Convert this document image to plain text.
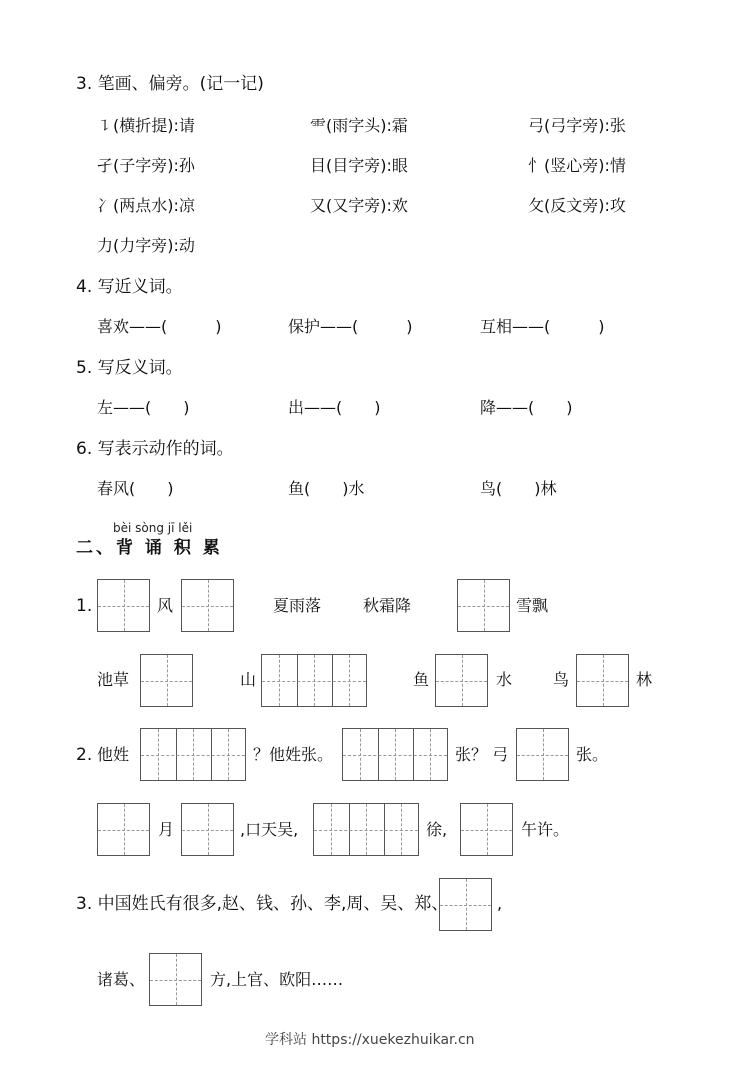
3. 笔画、偏旁。(记一记)
㇊(横折提):请	⻗(雨字头):霜	弓(弓字旁):张
孑(子字旁):孙	目(目字旁):眼	忄(竖心旁):情
冫(两点水):凉	又(又字旁):欢	攵(反文旁):攻
力(力字旁):动
4. 写近义词。
喜欢——(　　　)	保护——(　　　)	互相——(　　　)
5. 写反义词。
左——(　　)	出——(　　)	降——(　　)
6. 写表示动作的词。
春风(　　)	鱼(　　)水	鸟(　　)林
bèi sòng jī lěi
二、背 诵 积 累
1.	风	夏雨落	秋霜降	雪飘
池草	山	鱼	水	鸟	林
2. 他姓	？他姓张。	张？ 弓	张。
月	,口天吴,	徐,	午许。
3. 中国姓氏有很多,赵、钱、孙、李,周、吴、郑、	,
诸葛、	方,上官、欧阳……
学科站 https://xuekezhuikar.cn
